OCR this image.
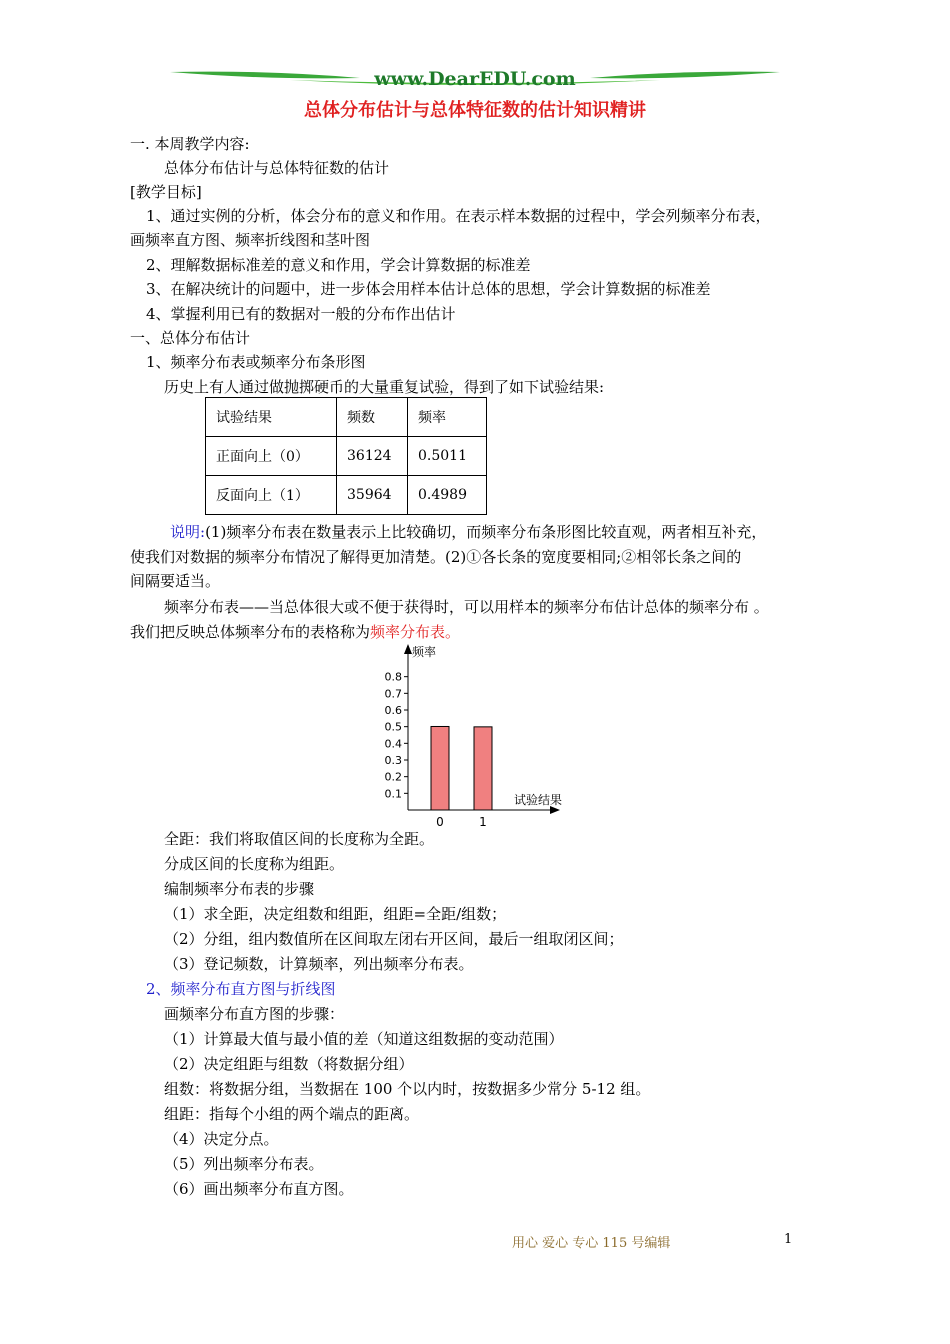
www.DearEDU.com
总体分布估计与总体特征数的估计知识精讲
一. 本周教学内容:
总体分布估计与总体特征数的估计
[教学目标]
1、通过实例的分析，体会分布的意义和作用。在表示样本数据的过程中，学会列频率分布表，
画频率直方图、频率折线图和茎叶图
2、理解数据标准差的意义和作用，学会计算数据的标准差
3、在解决统计的问题中，进一步体会用样本估计总体的思想，学会计算数据的标准差
4、掌握利用已有的数据对一般的分布作出估计
一、总体分布估计
1、频率分布表或频率分布条形图
历史上有人通过做抛掷硬币的大量重复试验，得到了如下试验结果:
试验结果	频数	频率
正面向上（0）	36124	0.5011
反面向上（1）	35964	0.4989
说明:(1)频率分布表在数量表示上比较确切，而频率分布条形图比较直观，两者相互补充，
使我们对数据的频率分布情况了解得更加清楚。(2)①各长条的宽度要相同;②相邻长条之间的
间隔要适当。
频率分布表——当总体很大或不便于获得时，可以用样本的频率分布估计总体的频率分布 。
我们把反映总体频率分布的表格称为频率分布表。
频率
试验结果
0.1
0.2
0.3
0.4
0.5
0.6
0.7
0.8
0	1
全距：我们将取值区间的长度称为全距。
分成区间的长度称为组距。
编制频率分布表的步骤
（1）求全距，决定组数和组距，组距=全距/组数；
（2）分组，组内数值所在区间取左闭右开区间，最后一组取闭区间；
（3）登记频数，计算频率，列出频率分布表。
2、频率分布直方图与折线图
画频率分布直方图的步骤：
（1）计算最大值与最小值的差（知道这组数据的变动范围）
（2）决定组距与组数（将数据分组）
组数：将数据分组，当数据在 100 个以内时，按数据多少常分 5-12 组。
组距：指每个小组的两个端点的距离。
（4）决定分点。
（5）列出频率分布表。
（6）画出频率分布直方图。
用心 爱心 专心 115 号编辑	1
